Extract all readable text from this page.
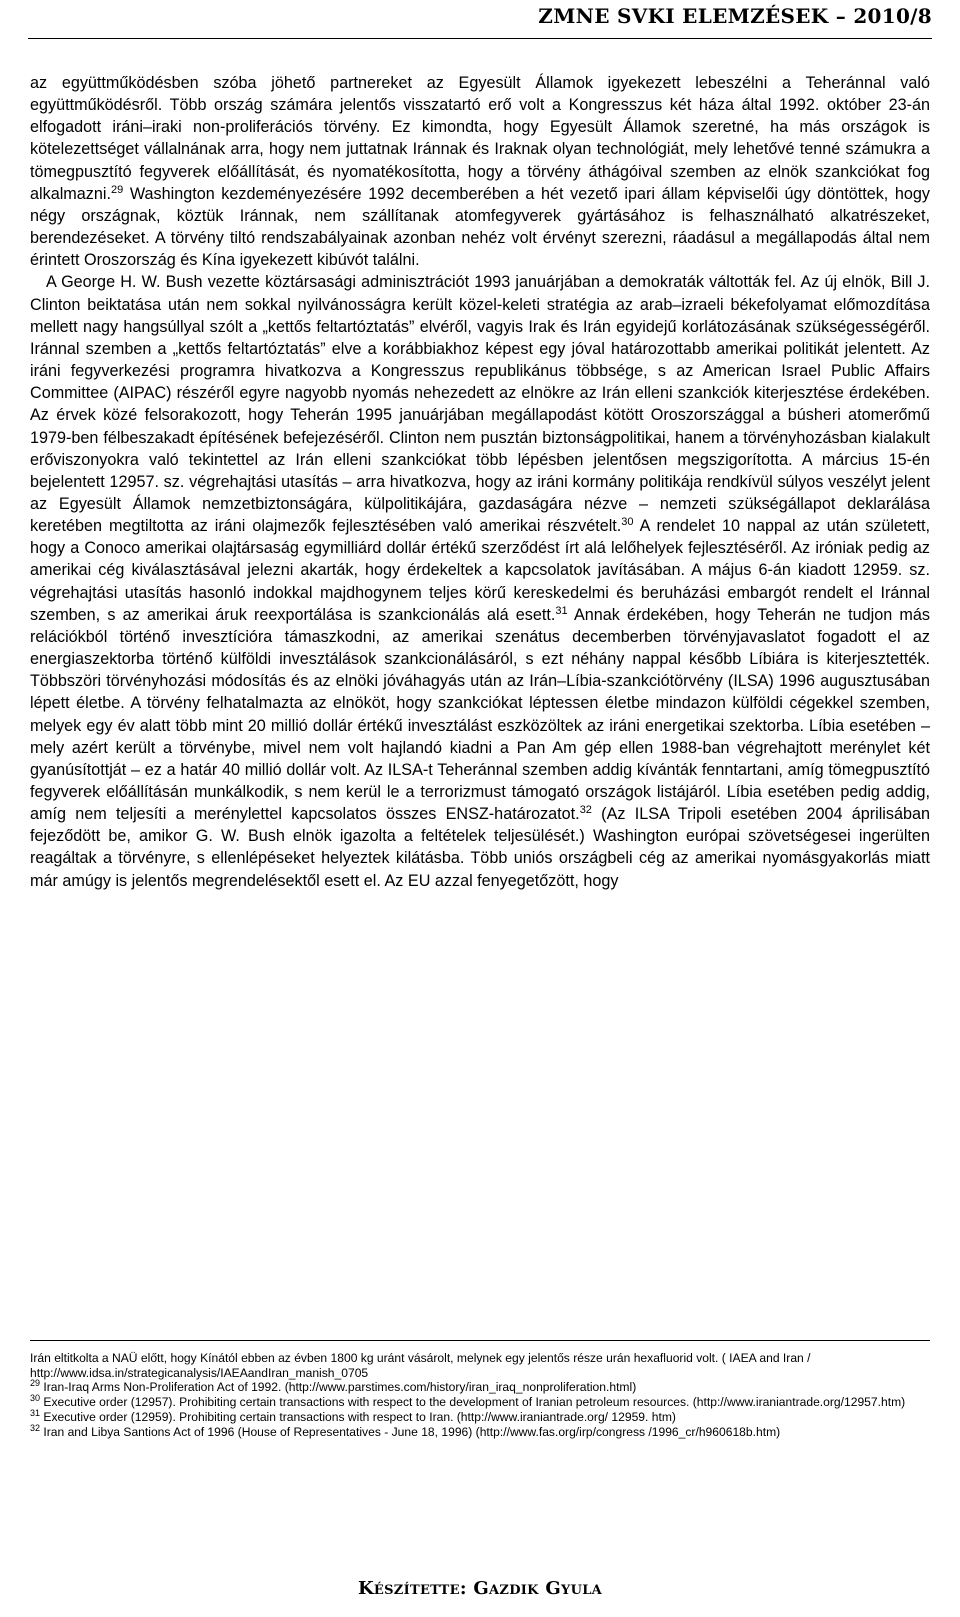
ZMNE SVKI ELEMZÉSEK – 2010/8

az együttműködésben szóba jöhető partnereket az Egyesült Államok igyekezett lebeszélni a Teheránnal való együttműködésről. Több ország számára jelentős visszatartó erő volt a Kongresszus két háza által 1992. október 23-án elfogadott iráni–iraki non-proliferációs törvény. Ez kimondta, hogy Egyesült Államok szeretné, ha más országok is kötelezettséget vállalnának arra, hogy nem juttatnak Iránnak és Iraknak olyan technológiát, mely lehetővé tenné számukra a tömegpusztító fegyverek előállítását, és nyomatékosította, hogy a törvény áthágóival szemben az elnök szankciókat fog alkalmazni.$^{29}$ Washington kezdeményezésére 1992 decemberében a hét vezető ipari állam képviselői úgy döntöttek, hogy négy országnak, köztük Iránnak, nem szállítanak atomfegyverek gyártásához is felhasználható alkatrészeket, berendezéseket. A törvény tiltó rendszabályainak azonban nehéz volt érvényt szerezni, ráadásul a megállapodás által nem érintett Oroszország és Kína igyekezett kibúvót találni.

A George H. W. Bush vezette köztársasági adminisztrációt 1993 januárjában a demokraták váltották fel. Az új elnök, Bill J. Clinton beiktatása után nem sokkal nyilvánosságra került közel-keleti stratégia az arab–izraeli békefolyamat előmozdítása mellett nagy hangsúllyal szólt a „kettős feltartóztatás” elvéről, vagyis Irak és Irán egyidejű korlátozásának szükségességéről. Iránnal szemben a „kettős feltartóztatás” elve a korábbiakhoz képest egy jóval határozottabb amerikai politikát jelentett. Az iráni fegyverkezési programra hivatkozva a Kongresszus republikánus többsége, s az American Israel Public Affairs Committee (AIPAC) részéről egyre nagyobb nyomás nehezedett az elnökre az Irán elleni szankciók kiterjesztése érdekében. Az érvek közé felsorakozott, hogy Teherán 1995 januárjában megállapodást kötött Oroszországgal a búsheri atomerőmű 1979-ben félbeszakadt építésének befejezéséről. Clinton nem pusztán biztonságpolitikai, hanem a törvényhozásban kialakult erőviszonyokra való tekintettel az Irán elleni szankciókat több lépésben jelentősen megszigorította. A március 15-én bejelentett 12957. sz. végrehajtási utasítás – arra hivatkozva, hogy az iráni kormány politikája rendkívül súlyos veszélyt jelent az Egyesült Államok nemzetbiztonságára, külpolitikájára, gazdaságára nézve – nemzeti szükségállapot deklarálása keretében megtiltotta az iráni olajmezők fejlesztésében való amerikai részvételt.$^{30}$ A rendelet 10 nappal az után született, hogy a Conoco amerikai olajtársaság egymilliárd dollár értékű szerződést írt alá lelőhelyek fejlesztéséről. Az iróniak pedig az amerikai cég kiválasztásával jelezni akarták, hogy érdekeltek a kapcsolatok javításában. A május 6-án kiadott 12959. sz. végrehajtási utasítás hasonló indokkal majdhogynem teljes körű kereskedelmi és beruházási embargót rendelt el Iránnal szemben, s az amerikai áruk reexportálása is szankcionálás alá esett.$^{31}$ Annak érdekében, hogy Teherán ne tudjon más relációkból történő invesztícióra támaszkodni, az amerikai szenátus decemberben törvényjavaslatot fogadott el az energiaszektorba történő külföldi invesztálások szankcionálásáról, s ezt néhány nappal később Líbiára is kiterjesztették. Többszöri törvényhozási módosítás és az elnöki jóváhagyás után az Irán–Líbia-szankciótörvény (ILSA) 1996 augusztusában lépett életbe. A törvény felhatalmazta az elnököt, hogy szankciókat léptessen életbe mindazon külföldi cégekkel szemben, melyek egy év alatt több mint 20 millió dollár értékű invesztálást eszközöltek az iráni energetikai szektorba. Líbia esetében – mely azért került a törvénybe, mivel nem volt hajlandó kiadni a Pan Am gép ellen 1988-ban végrehajtott merénylet két gyanúsítottját – ez a határ 40 millió dollár volt. Az ILSA-t Teheránnal szemben addig kívánták fenntartani, amíg tömegpusztító fegyverek előállításán munkálkodik, s nem kerül le a terrorizmust támogató országok listájáról. Líbia esetében pedig addig, amíg nem teljesíti a merénylettel kapcsolatos összes ENSZ-határozatot.$^{32}$ (Az ILSA Tripoli esetében 2004 áprilisában fejeződött be, amikor G. W. Bush elnök igazolta a feltételek teljesülését.) Washington európai szövetségesei ingerülten reagáltak a törvényre, s ellenlépéseket helyeztek kilátásba. Több uniós országbeli cég az amerikai nyomásgyakorlás miatt már amúgy is jelentős megrendelésektől esett el. Az EU azzal fenyegetőzött, hogy

Irán eltitkolta a NAÜ előtt, hogy Kínától ebben az évben 1800 kg uránt vásárolt, melynek egy jelentős része urán hexafluorid volt. ( IAEA and Iran / http://www.idsa.in/strategicanalysis/IAEAandIran_manish_0705

$^{29}$ Iran-Iraq Arms Non-Proliferation Act of 1992. (http://www.parstimes.com/history/iran_iraq_nonproliferation.html)

$^{30}$ Executive order (12957). Prohibiting certain transactions with respect to the development of Iranian petroleum resources. (http://www.iraniantrade.org/12957.htm)

$^{31}$ Executive order (12959). Prohibiting certain transactions with respect to Iran. (http://www.iraniantrade.org/ 12959. htm)

$^{32}$ Iran and Libya Santions Act of 1996 (House of Representatives - June 18, 1996) (http://www.fas.org/irp/congress /1996_cr/h960618b.htm)

Készítette: Gazdik Gyula
